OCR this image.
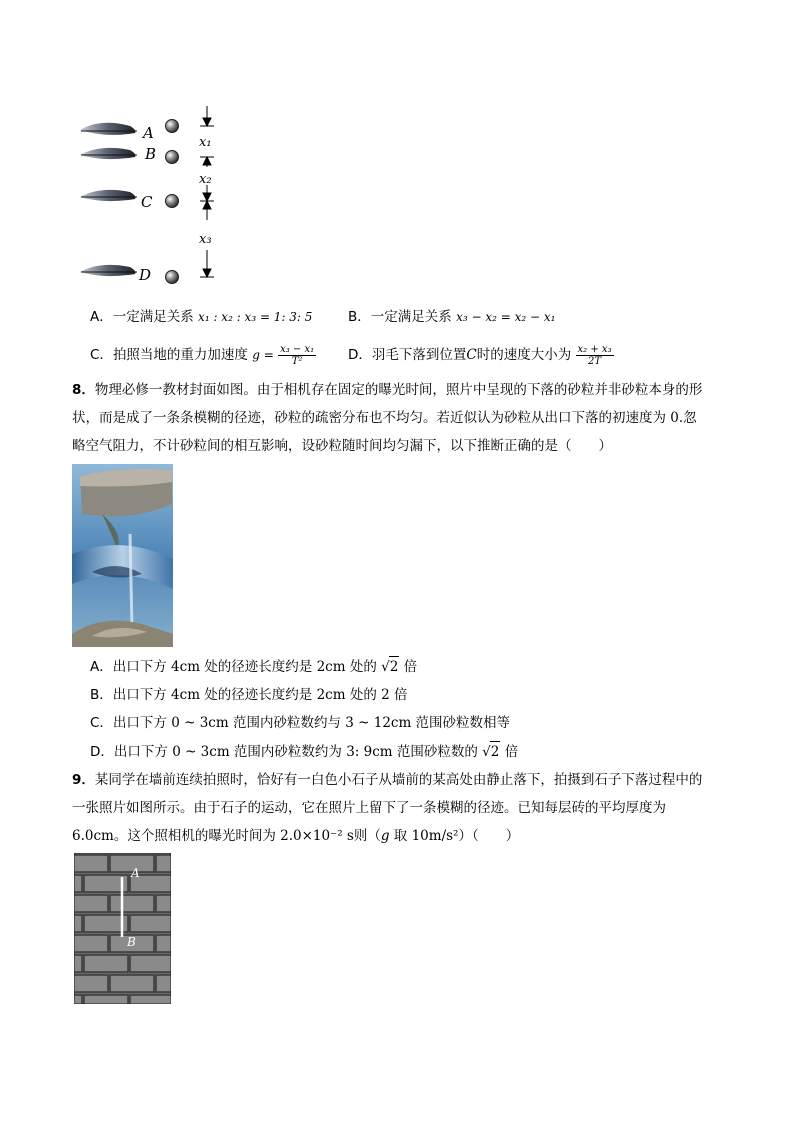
A
B
C
D
x₁
x₂
x₃
A．一定满足关系 x₁ : x₂ : x₃ = 1: 3: 5	B．一定满足关系 x₃ − x₂ = x₂ − x₁
C．拍照当地的重力加速度 $g = \frac{\text{x₃ − x₁}}{\text{T²}}$ D．羽毛下落到位置C时的速度大小为 $\frac{\text{x₂ + x₃}}{2T}$
8．物理必修一教材封面如图。由于相机存在固定的曝光时间，照片中呈现的下落的砂粒并非砂粒本身的形
状，而是成了一条条模糊的径迹，砂粒的疏密分布也不均匀。若近似认为砂粒从出口下落的初速度为 0.忽
略空气阻力，不计砂粒间的相互影响，设砂粒随时间均匀漏下，以下推断正确的是（　　）
A．出口下方 4cm 处的径迹长度约是 2cm 处的 √2 倍
B．出口下方 4cm 处的径迹长度约是 2cm 处的 2 倍
C．出口下方 0 ~ 3cm 范围内砂粒数约与 3 ~ 12cm 范围砂粒数相等
D．出口下方 0 ~ 3cm 范围内砂粒数约为 3: 9cm 范围砂粒数的 √2 倍
9．某同学在墙前连续拍照时，恰好有一白色小石子从墙前的某高处由静止落下，拍摄到石子下落过程中的
一张照片如图所示。由于石子的运动，它在照片上留下了一条模糊的径迹。已知每层砖的平均厚度为
6.0cm。这个照相机的曝光时间为 2.0×10⁻² s则（g 取 10m/s²）（　　）
A
B
